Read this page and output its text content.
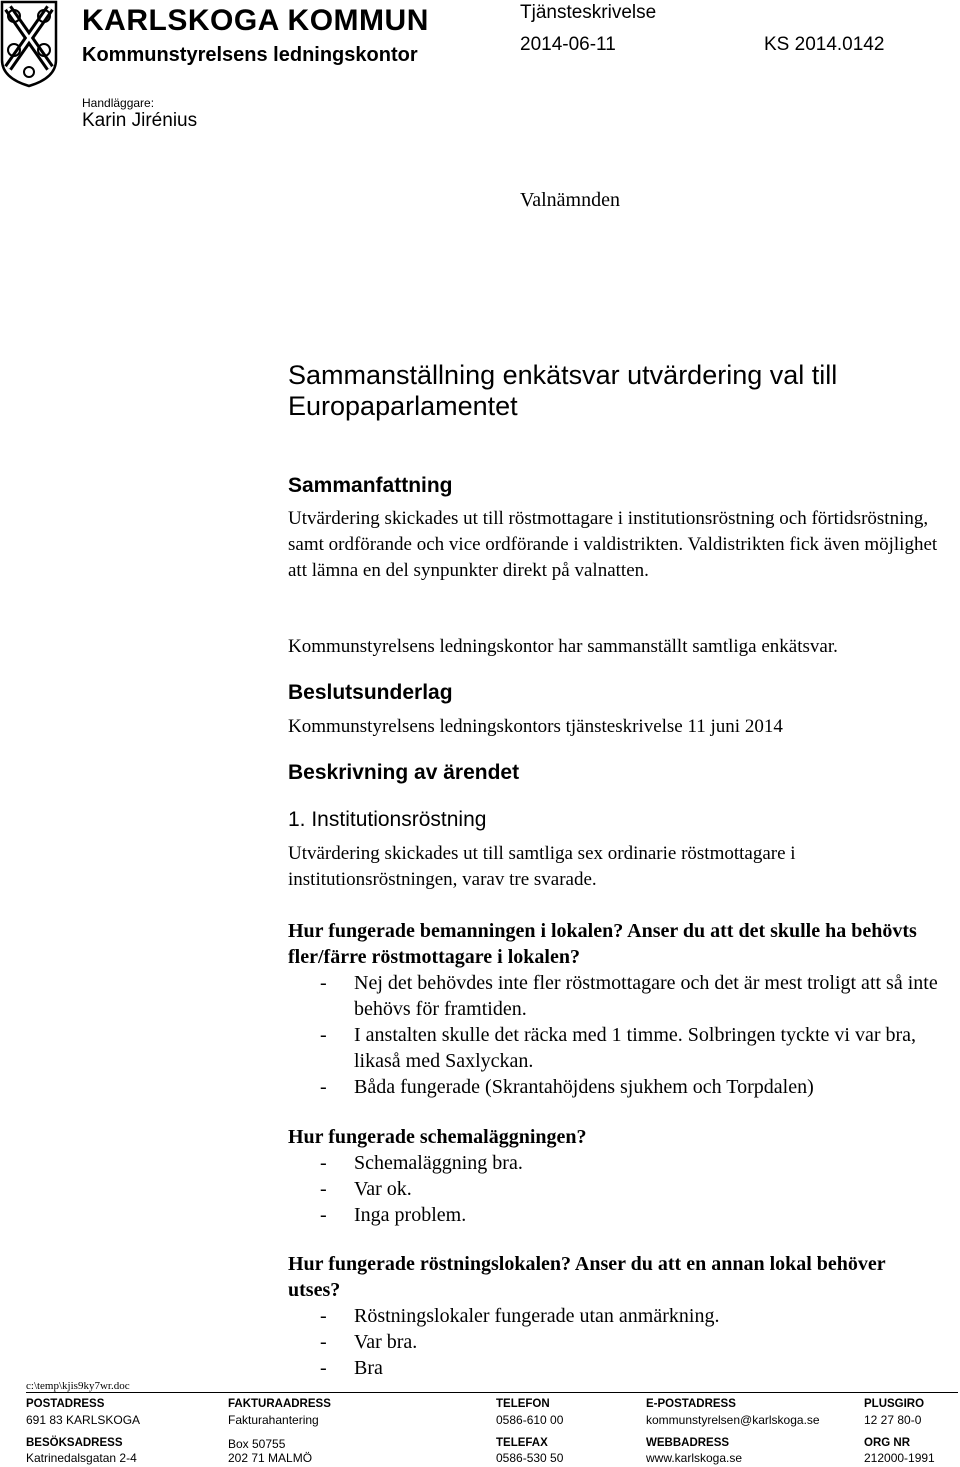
KARLSKOGA KOMMUN
Kommunstyrelsens ledningskontor
Tjänsteskrivelse
2014-06-11	KS 2014.0142
Handläggare:
Karin Jirénius
Valnämnden
Sammanställning enkätsvar utvärdering val till
Europaparlamentet
Sammanfattning
Utvärdering skickades ut till röstmottagare i institutionsröstning och förtidsröstning, samt ordförande och vice ordförande i valdistrikten. Valdistrikten fick även möjlighet att lämna en del synpunkter direkt på valnatten.
Kommunstyrelsens ledningskontor har sammanställt samtliga enkätsvar.
Beslutsunderlag
Kommunstyrelsens ledningskontors tjänsteskrivelse 11 juni 2014
Beskrivning av ärendet
1. Institutionsröstning
Utvärdering skickades ut till samtliga sex ordinarie röstmottagare i institutionsröstningen, varav tre svarade.
Hur fungerade bemanningen i lokalen? Anser du att det skulle ha behövts fler/färre röstmottagare i lokalen?
- Nej det behövdes inte fler röstmottagare och det är mest troligt att så inte behövs för framtiden.
- I anstalten skulle det räcka med 1 timme. Solbringen tyckte vi var bra, likaså med Saxlyckan.
- Båda fungerade (Skrantahöjdens sjukhem och Torpdalen)
Hur fungerade schemaläggningen?
- Schemaläggning bra.
- Var ok.
- Inga problem.
Hur fungerade röstningslokalen? Anser du att en annan lokal behöver utses?
- Röstningslokaler fungerade utan anmärkning.
- Var bra.
- Bra
c:\temp\kjis9ky7wr.doc
POSTADRESS
691 83 KARLSKOGA
BESÖKSADRESS
Katrinedalsgatan 2-4
FAKTURAADRESS
Fakturahantering
Box 50755
202 71 MALMÖ
TELEFON
0586-610 00
TELEFAX
0586-530 50
E-POSTADRESS
kommunstyrelsen@karlskoga.se
WEBBADRESS
www.karlskoga.se
PLUSGIRO
12 27 80-0
ORG NR
212000-1991
